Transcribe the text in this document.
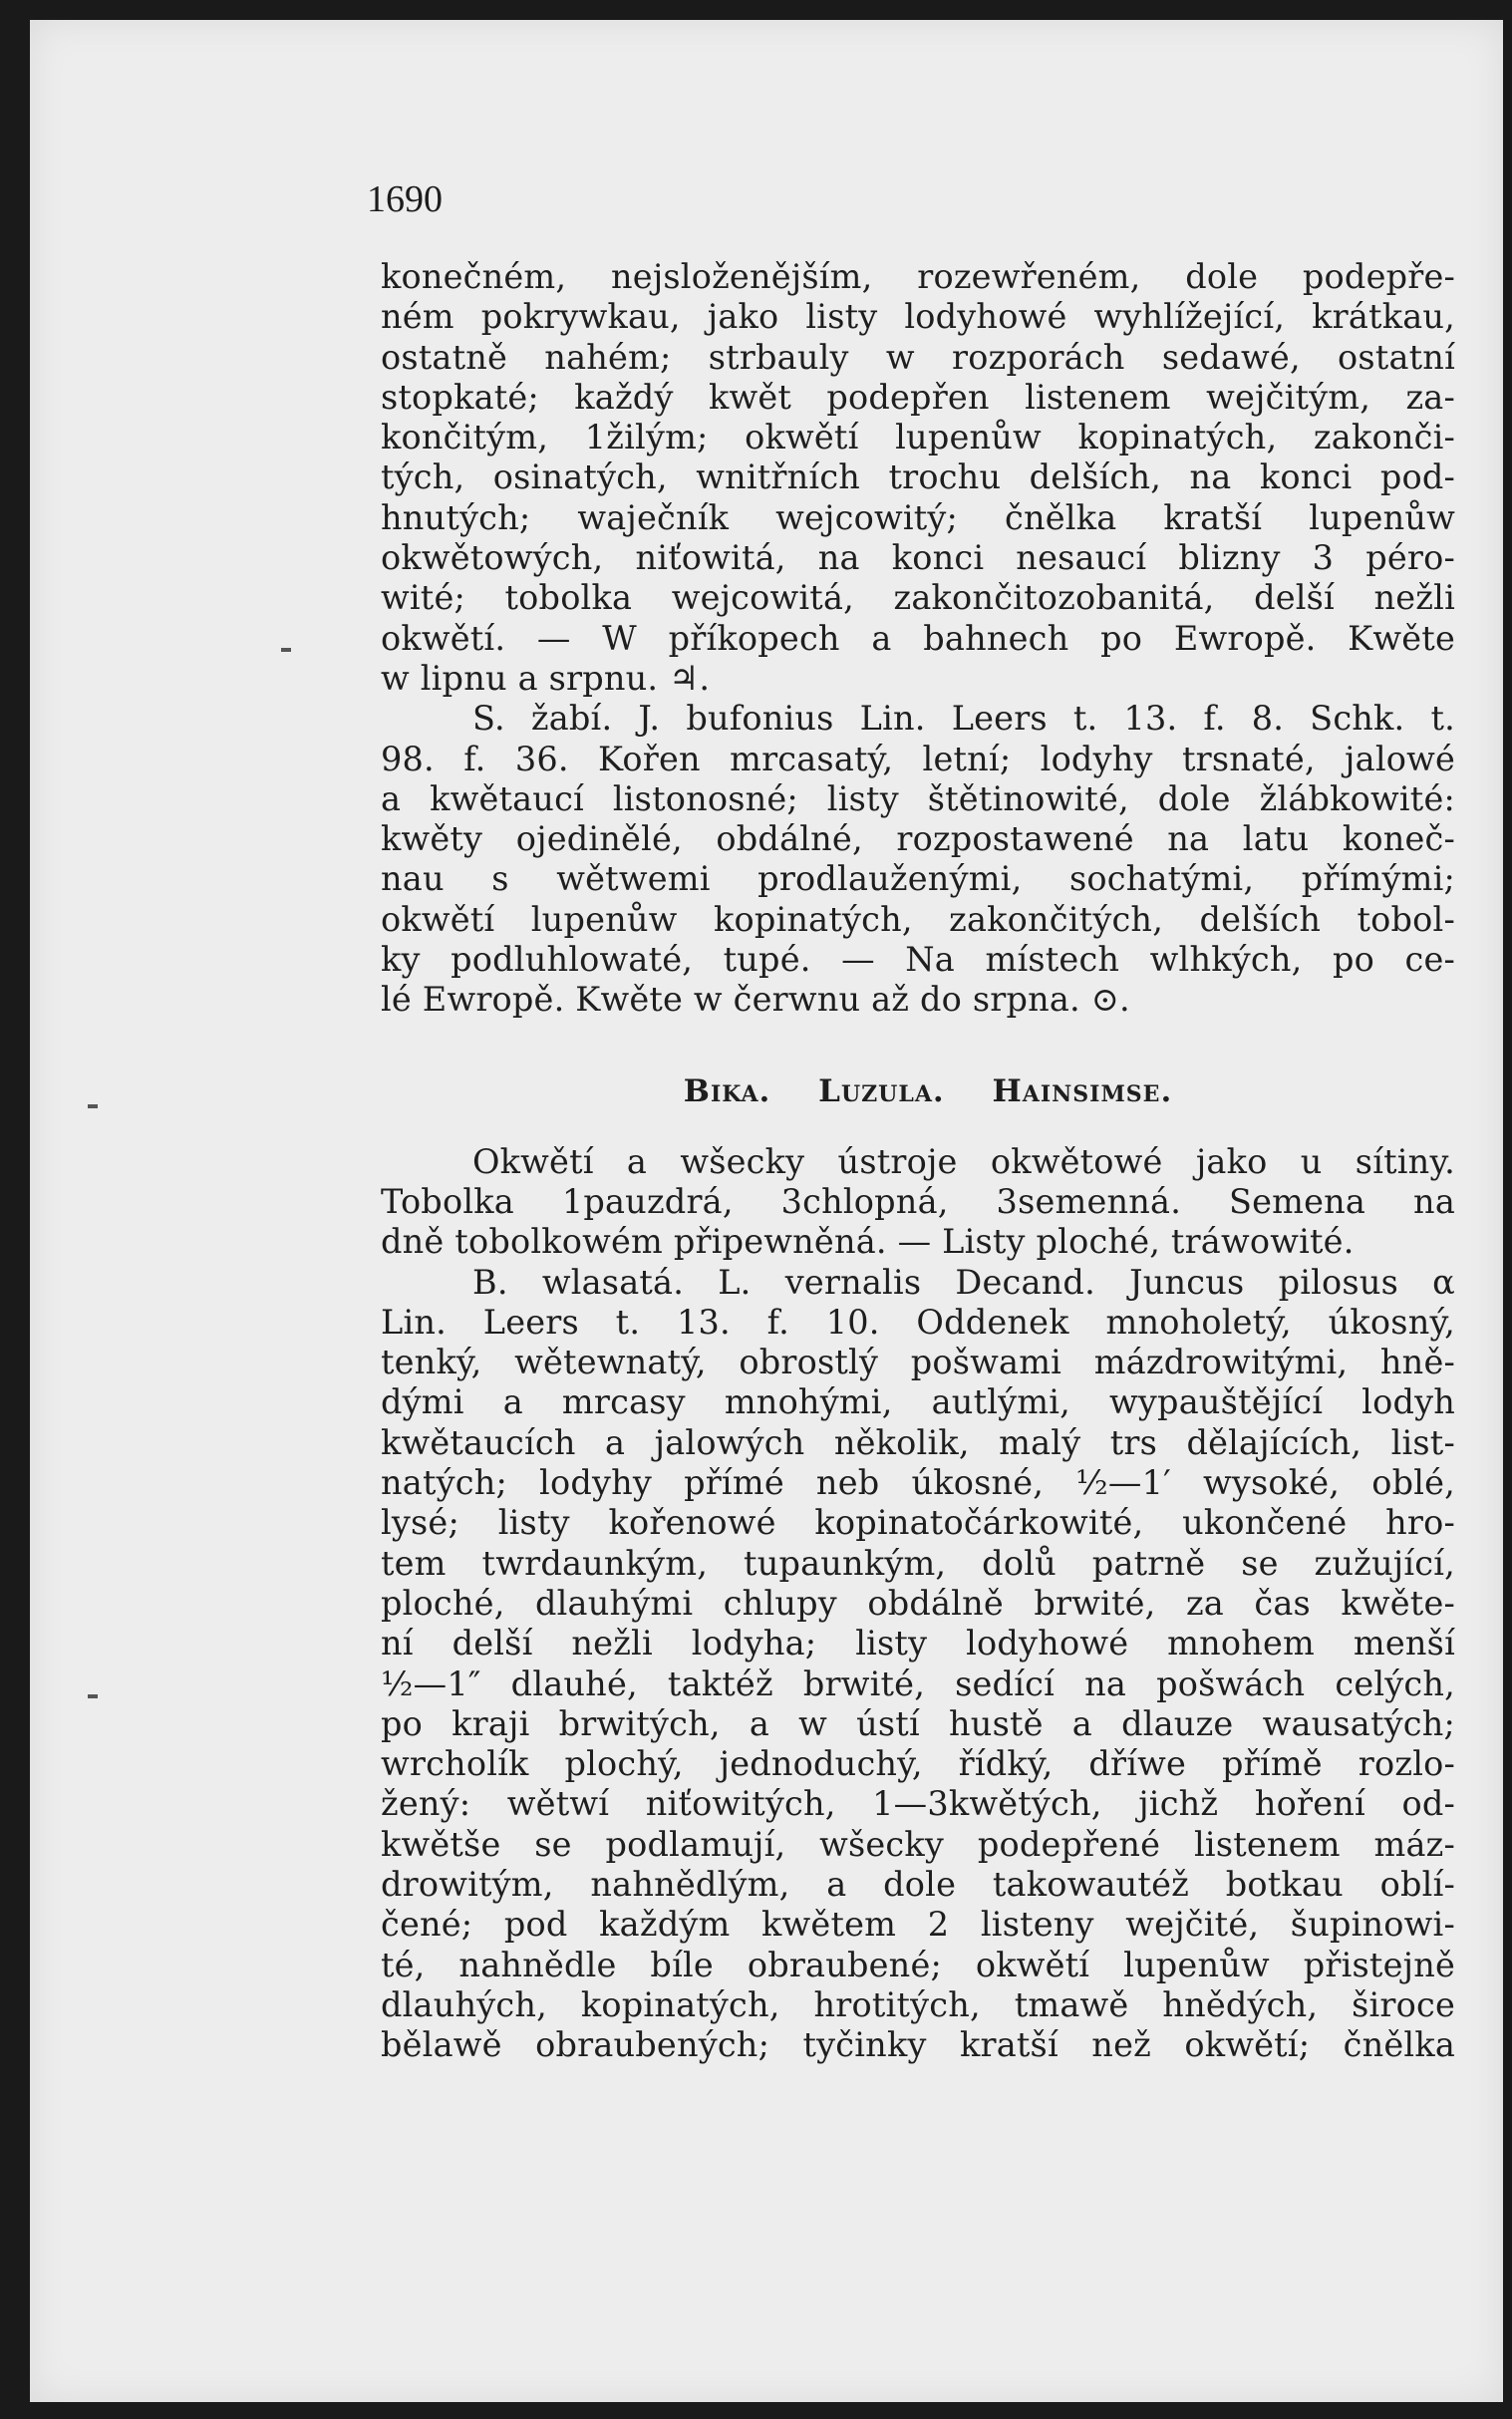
1690

konečném, nejsloženějším, rozewřeném, dole podepře-
ném pokrywkau, jako listy lodyhowé wyhlížející, krátkau,
ostatně nahém; strbauly w rozporách sedawé, ostatní
stopkaté; každý kwět podepřen listenem wejčitým, za-
končitým, 1žilým; okwětí lupenůw kopinatých, zakonči-
tých, osinatých, wnitřních trochu delších, na konci pod-
hnutých; waječník wejcowitý; čnělka kratší lupenůw
okwětowých, niťowitá, na konci nesaucí blizny 3 péro-
wité; tobolka wejcowitá, zakončitozobanitá, delší nežli
okwětí. — W příkopech a bahnech po Ewropě. Kwěte
w lipnu a srpnu. ♃.
S. žabí. J. bufonius Lin. Leers t. 13. f. 8. Schk. t.
98. f. 36. Kořen mrcasatý, letní; lodyhy trsnaté, jalowé
a kwětaucí listonosné; listy štětinowité, dole žlábkowité:
kwěty ojedinělé, obdálné, rozpostawené na latu koneč-
nau s wětwemi prodlauženými, sochatými, přímými;
okwětí lupenůw kopinatých, zakončitých, delších tobol-
ky podluhlowaté, tupé. — Na místech wlhkých, po ce-
lé Ewropě. Kwěte w čerwnu až do srpna. ⊙.
Bika. Luzula. Hainsimse.
Okwětí a wšecky ústroje okwětowé jako u sítiny.
Tobolka 1pauzdrá, 3chlopná, 3semenná. Semena na
dně tobolkowém připewněná. — Listy ploché, tráwowité.
B. wlasatá. L. vernalis Decand. Juncus pilosus α
Lin. Leers t. 13. f. 10. Oddenek mnoholetý, úkosný,
tenký, wětewnatý, obrostlý pošwami mázdrowitými, hně-
dými a mrcasy mnohými, autlými, wypauštějící lodyh
kwětaucích a jalowých několik, malý trs dělajících, list-
natých; lodyhy přímé neb úkosné, ½—1′ wysoké, oblé,
lysé; listy kořenowé kopinatočárkowité, ukončené hro-
tem twrdaunkým, tupaunkým, dolů patrně se zužující,
ploché, dlauhými chlupy obdálně brwité, za čas kwěte-
ní delší nežli lodyha; listy lodyhowé mnohem menší
½—1″ dlauhé, taktéž brwité, sedící na pošwách celých,
po kraji brwitých, a w ústí hustě a dlauze wausatých;
wrcholík plochý, jednoduchý, řídký, dříwe přímě rozlo-
žený: wětwí niťowitých, 1—3kwětých, jichž hoření od-
kwětše se podlamují, wšecky podepřené listenem máz-
drowitým, nahnědlým, a dole takowautéž botkau oblí-
čené; pod každým kwětem 2 listeny wejčité, šupinowi-
té, nahnědle bíle obraubené; okwětí lupenůw přistejně
dlauhých, kopinatých, hrotitých, tmawě hnědých, široce
bělawě obraubených; tyčinky kratší než okwětí; čnělka
